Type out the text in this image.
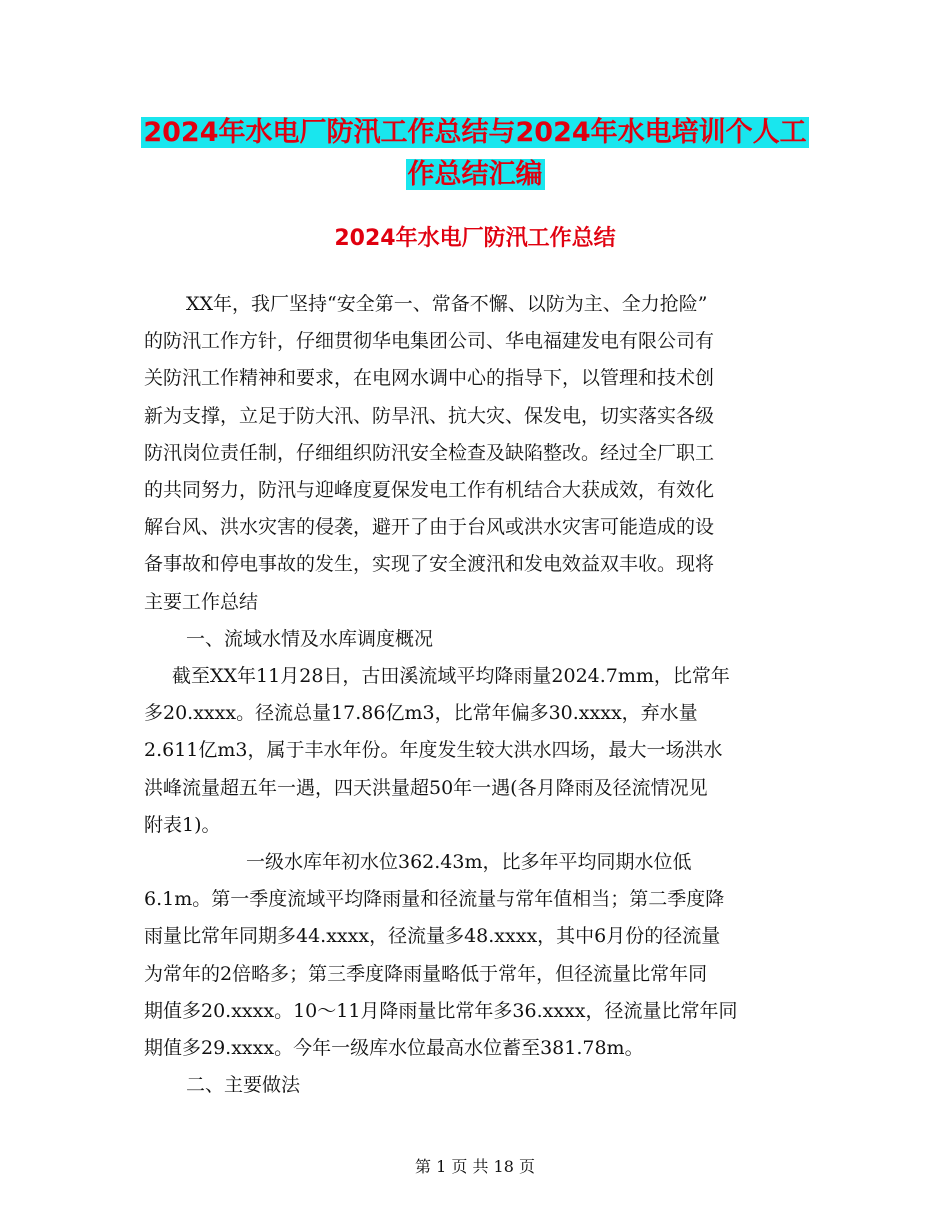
2024年水电厂防汛工作总结与2024年水电培训个人工
作总结汇编
2024年水电厂防汛工作总结
XX年，我厂坚持“安全第一、常备不懈、以防为主、全力抢险”
的防汛工作方针，仔细贯彻华电集团公司、华电福建发电有限公司有
关防汛工作精神和要求，在电网水调中心的指导下，以管理和技术创
新为支撑，立足于防大汛、防旱汛、抗大灾、保发电，切实落实各级
防汛岗位责任制，仔细组织防汛安全检查及缺陷整改。经过全厂职工
的共同努力，防汛与迎峰度夏保发电工作有机结合大获成效，有效化
解台风、洪水灾害的侵袭，避开了由于台风或洪水灾害可能造成的设
备事故和停电事故的发生，实现了安全渡汛和发电效益双丰收。现将
主要工作总结
一、流域水情及水库调度概况
截至XX年11月28日，古田溪流域平均降雨量2024.7mm，比常年
多20.xxxx。径流总量17.86亿m3，比常年偏多30.xxxx，弃水量
2.611亿m3，属于丰水年份。年度发生较大洪水四场，最大一场洪水
洪峰流量超五年一遇，四天洪量超50年一遇(各月降雨及径流情况见
附表1)。
一级水库年初水位362.43m，比多年平均同期水位低
6.1m。第一季度流域平均降雨量和径流量与常年值相当；第二季度降
雨量比常年同期多44.xxxx，径流量多48.xxxx，其中6月份的径流量
为常年的2倍略多；第三季度降雨量略低于常年，但径流量比常年同
期值多20.xxxx。10～11月降雨量比常年多36.xxxx，径流量比常年同
期值多29.xxxx。今年一级库水位最高水位蓄至381.78m。
二、主要做法
第 1 页 共 18 页
